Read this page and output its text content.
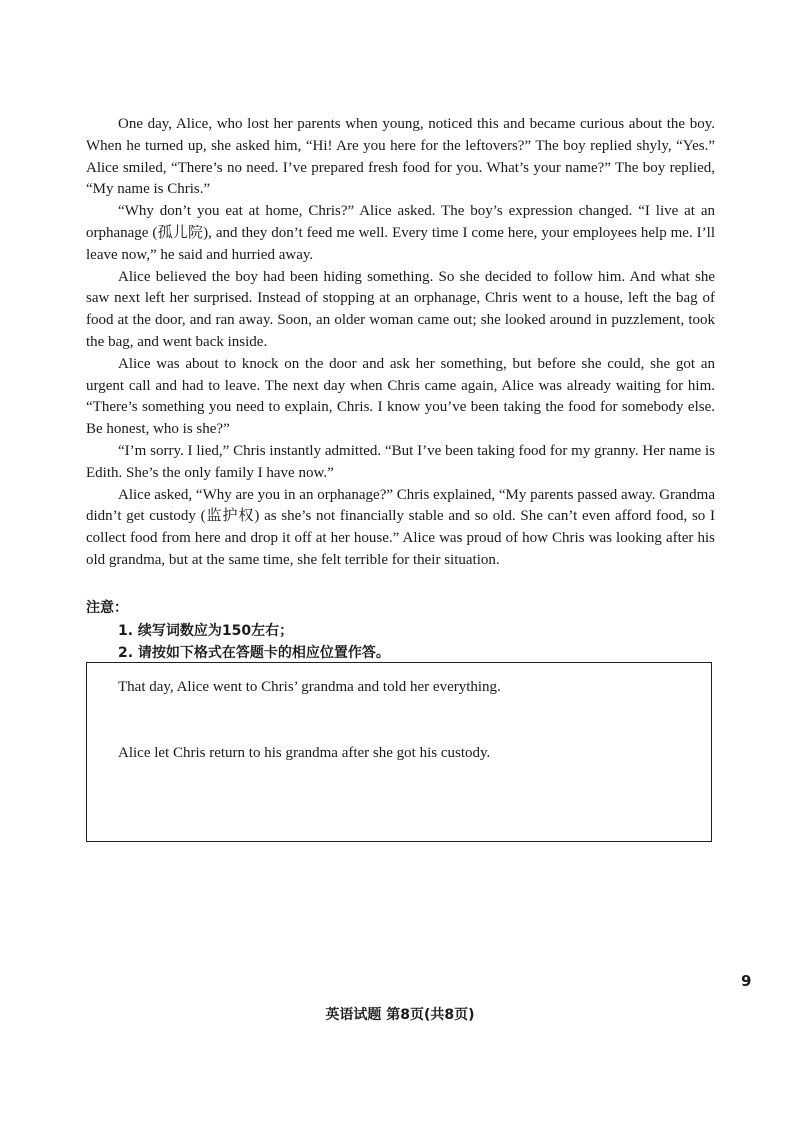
One day, Alice, who lost her parents when young, noticed this and became curious about the boy. When he turned up, she asked him, “Hi! Are you here for the leftovers?” The boy replied shyly, “Yes.” Alice smiled, “There’s no need. I’ve prepared fresh food for you. What’s your name?” The boy replied, “My name is Chris.”

“Why don’t you eat at home, Chris?” Alice asked. The boy’s expression changed. “I live at an orphanage (孤儿院), and they don’t feed me well. Every time I come here, your employees help me. I’ll leave now,” he said and hurried away.

Alice believed the boy had been hiding something. So she decided to follow him. And what she saw next left her surprised. Instead of stopping at an orphanage, Chris went to a house, left the bag of food at the door, and ran away. Soon, an older woman came out; she looked around in puzzlement, took the bag, and went back inside.

Alice was about to knock on the door and ask her something, but before she could, she got an urgent call and had to leave. The next day when Chris came again, Alice was already waiting for him. “There’s something you need to explain, Chris. I know you’ve been taking the food for somebody else. Be honest, who is she?”

“I’m sorry. I lied,” Chris instantly admitted. “But I’ve been taking food for my granny. Her name is Edith. She’s the only family I have now.”

Alice asked, “Why are you in an orphanage?” Chris explained, “My parents passed away. Grandma didn’t get custody (监护权) as she’s not financially stable and so old. She can’t even afford food, so I collect food from here and drop it off at her house.” Alice was proud of how Chris was looking after his old grandma, but at the same time, she felt terrible for their situation.

注意：
1. 续写词数应为150左右；
2. 请按如下格式在答题卡的相应位置作答。
That day, Alice went to Chris’ grandma and told her everything.
Alice let Chris return to his grandma after she got his custody.
9
英语试题 第8页(共8页)
